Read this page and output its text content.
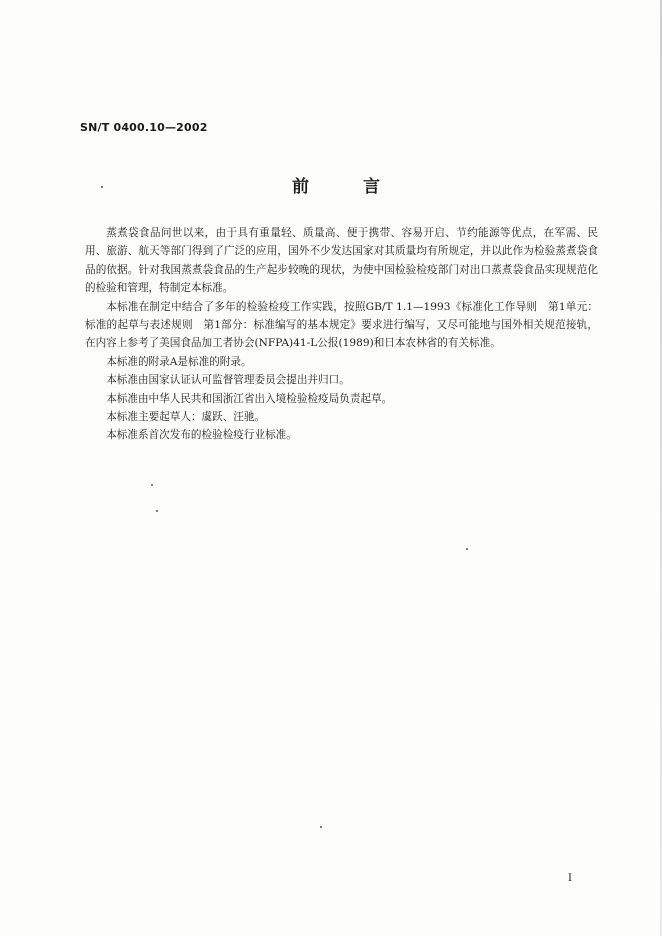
SN/T 0400.10—2002
前言

蒸煮袋食品问世以来，由于具有重量轻、质量高、便于携带、容易开启、节约能源等优点，在军需、民用、旅游、航天等部门得到了广泛的应用，国外不少发达国家对其质量均有所规定，并以此作为检验蒸煮袋食品的依据。针对我国蒸煮袋食品的生产起步较晚的现状，为使中国检验检疫部门对出口蒸煮袋食品实现规范化的检验和管理，特制定本标准。

本标准在制定中结合了多年的检验检疫工作实践，按照GB/T 1.1—1993《标准化工作导则　第1单元：标准的起草与表述规则　第1部分：标准编写的基本规定》要求进行编写，又尽可能地与国外相关规范接轨，在内容上参考了美国食品加工者协会(NFPA)41-L公报(1989)和日本农林省的有关标准。

本标准的附录A是标准的附录。

本标准由国家认证认可监督管理委员会提出并归口。

本标准由中华人民共和国浙江省出入境检验检疫局负责起草。

本标准主要起草人：虞跃、汪驰。

本标准系首次发布的检验检疫行业标准。

I
